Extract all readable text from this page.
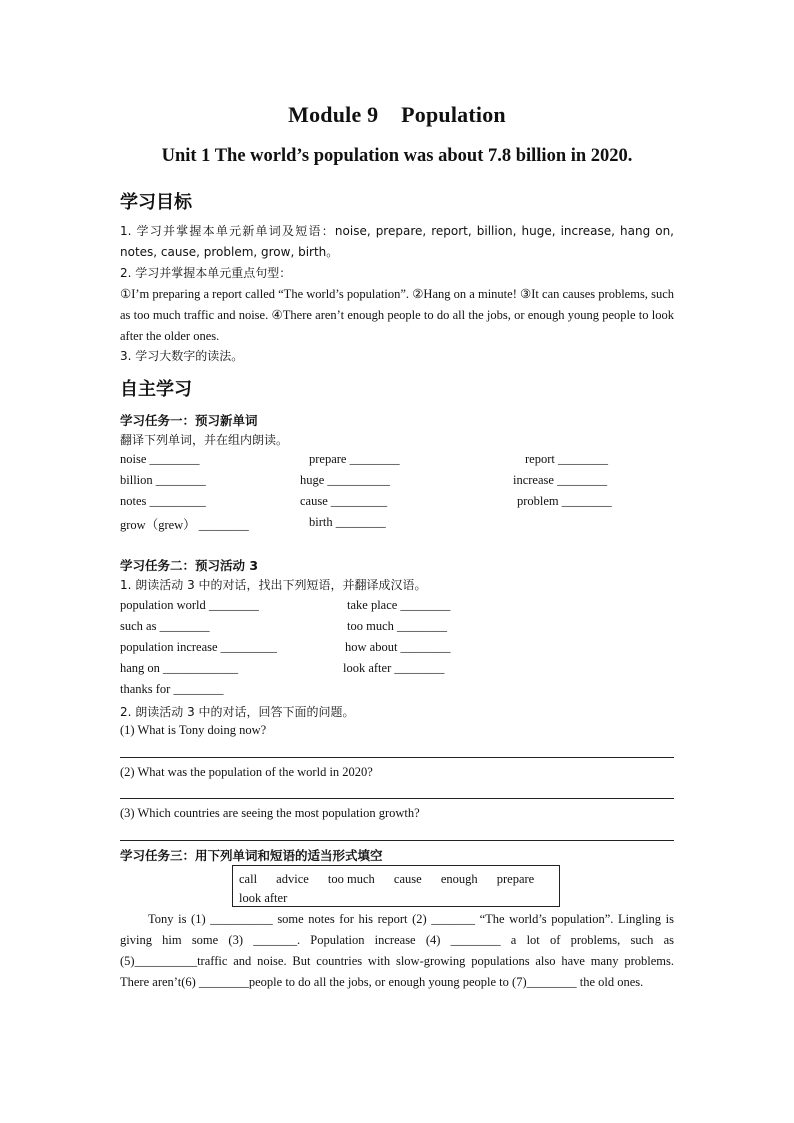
Module 9    Population
Unit 1 The world’s population was about 7.8 billion in 2020.
学习目标
1. 学习并掌握本单元新单词及短语：noise, prepare, report, billion, huge, increase, hang on, notes, cause, problem, grow, birth。
2. 学习并掌握本单元重点句型：
①I’m preparing a report called “The world’s population”. ②Hang on a minute! ③It can causes problems, such as too much traffic and noise. ④There aren’t enough people to do all the jobs, or enough young people to look after the older ones.
3. 学习大数字的读法。
自主学习
学习任务一：预习新单词
翻译下列单词，并在组内朗读。
noise ________	prepare ________	report ________
billion ________	huge __________	increase ________
notes _________	cause _________	problem ________
grow（grew） ________	birth ________
学习任务二：预习活动 3
1. 朗读活动 3 中的对话，找出下列短语，并翻译成汉语。
population world ________	take place ________
such as ________	too much ________
population increase _________	how about ________
hang on ____________	look after ________
thanks for ________
2. 朗读活动 3 中的对话，回答下面的问题。
(1) What is Tony doing now?
(2) What was the population of the world in 2020?
(3) Which countries are seeing the most population growth?
学习任务三：用下列单词和短语的适当形式填空
call advice too much cause enough prepare
look after
Tony is (1) __________ some notes for his report (2) _______ “The world’s population”. Lingling is giving him some (3) _______. Population increase (4) ________ a lot of problems, such as (5)__________traffic and noise. But countries with slow-growing populations also have many problems. There aren’t(6) ________people to do all the jobs, or enough young people to (7)________ the old ones.
